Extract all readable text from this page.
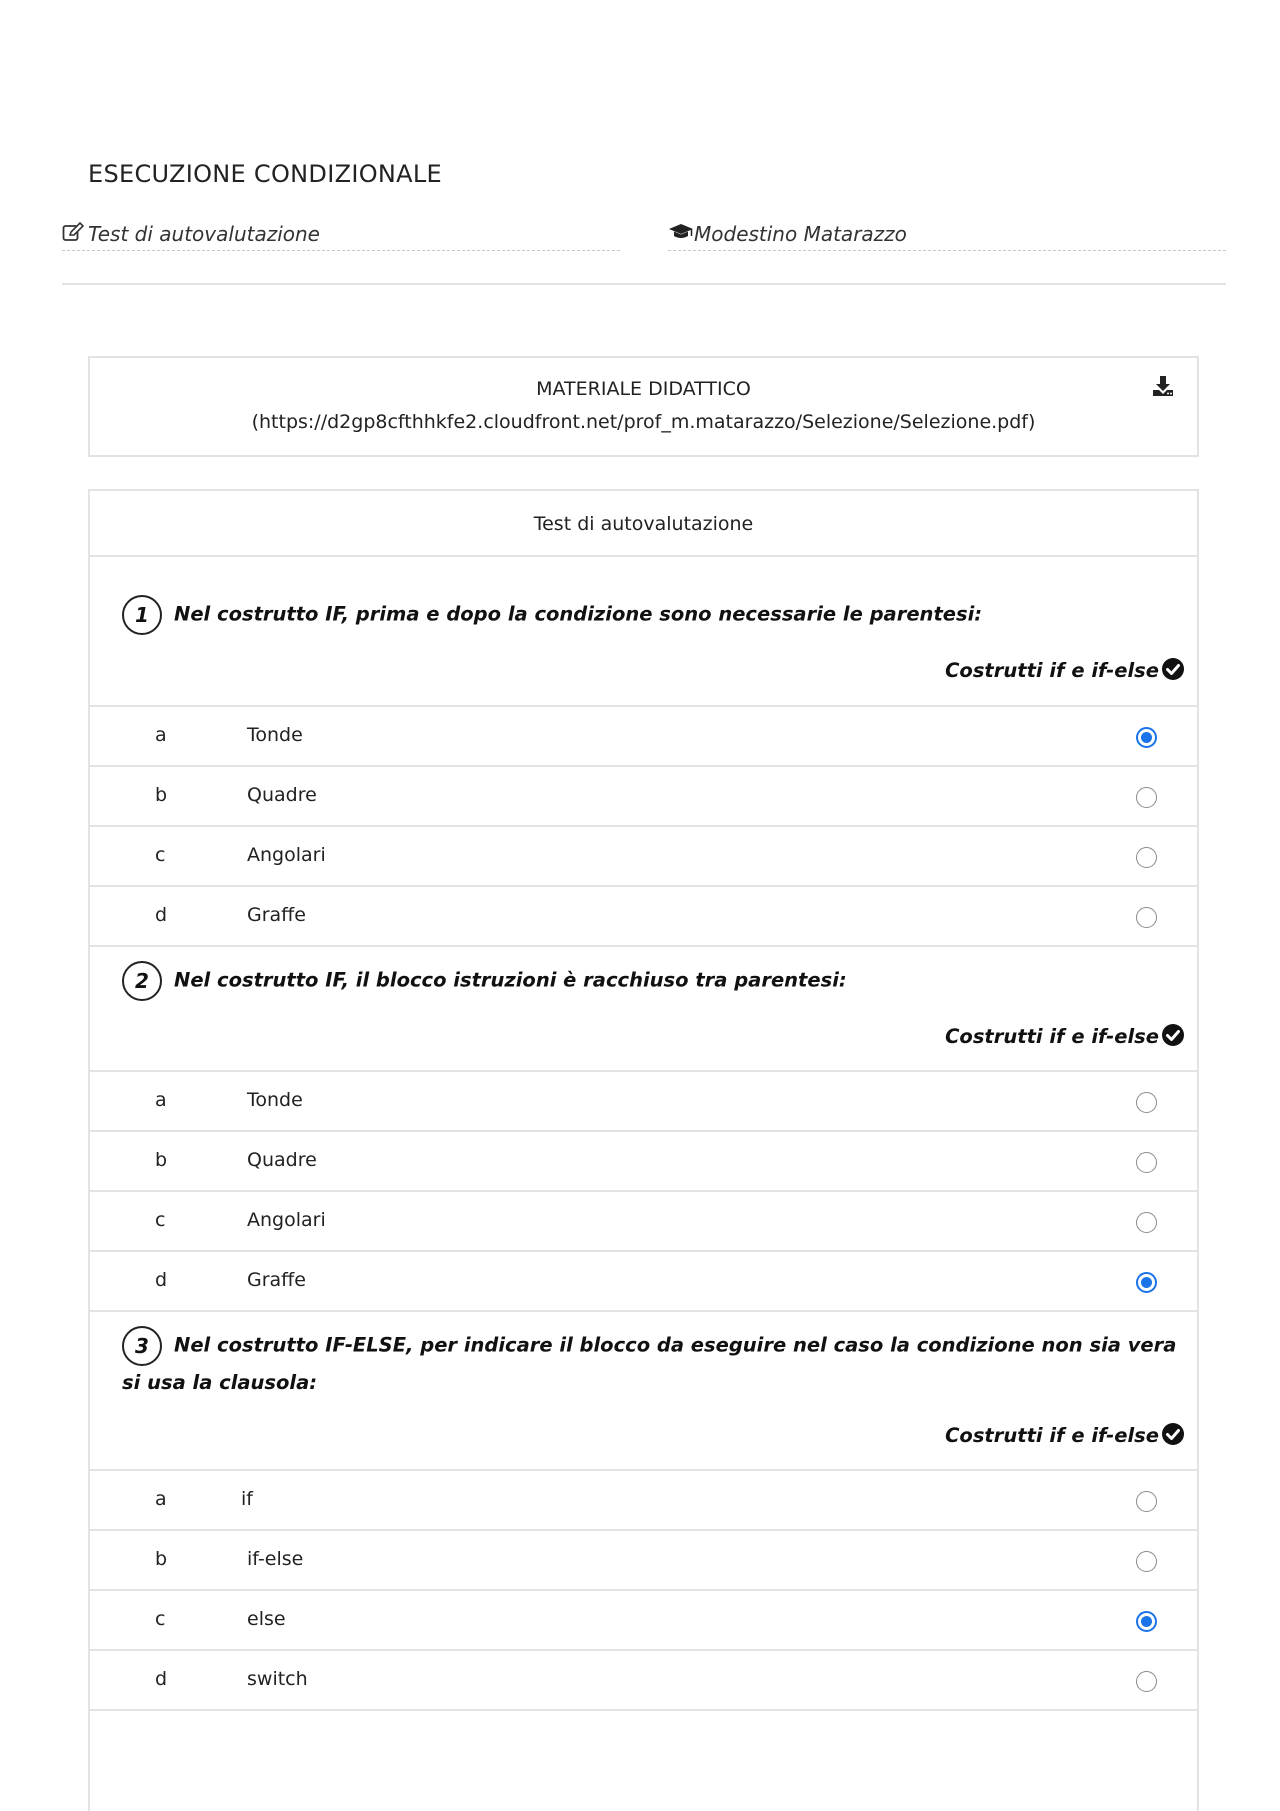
ESECUZIONE CONDIZIONALE
Test di autovalutazione	Modestino Matarazzo
MATERIALE DIDATTICO
(https://d2gp8cfthhkfe2.cloudfront.net/prof_m.matarazzo/Selezione/Selezione.pdf)
Test di autovalutazione
1 Nel costrutto IF, prima e dopo la condizione sono necessarie le parentesi:
Costrutti if e if-else
a	Tonde
b	Quadre
c	Angolari
d	Graffe
2 Nel costrutto IF, il blocco istruzioni è racchiuso tra parentesi:
Costrutti if e if-else
a	Tonde
b	Quadre
c	Angolari
d	Graffe
3 Nel costrutto IF-ELSE, per indicare il blocco da eseguire nel caso la condizione non sia vera si usa la clausola:
Costrutti if e if-else
a	if
b	if-else
c	else
d	switch
